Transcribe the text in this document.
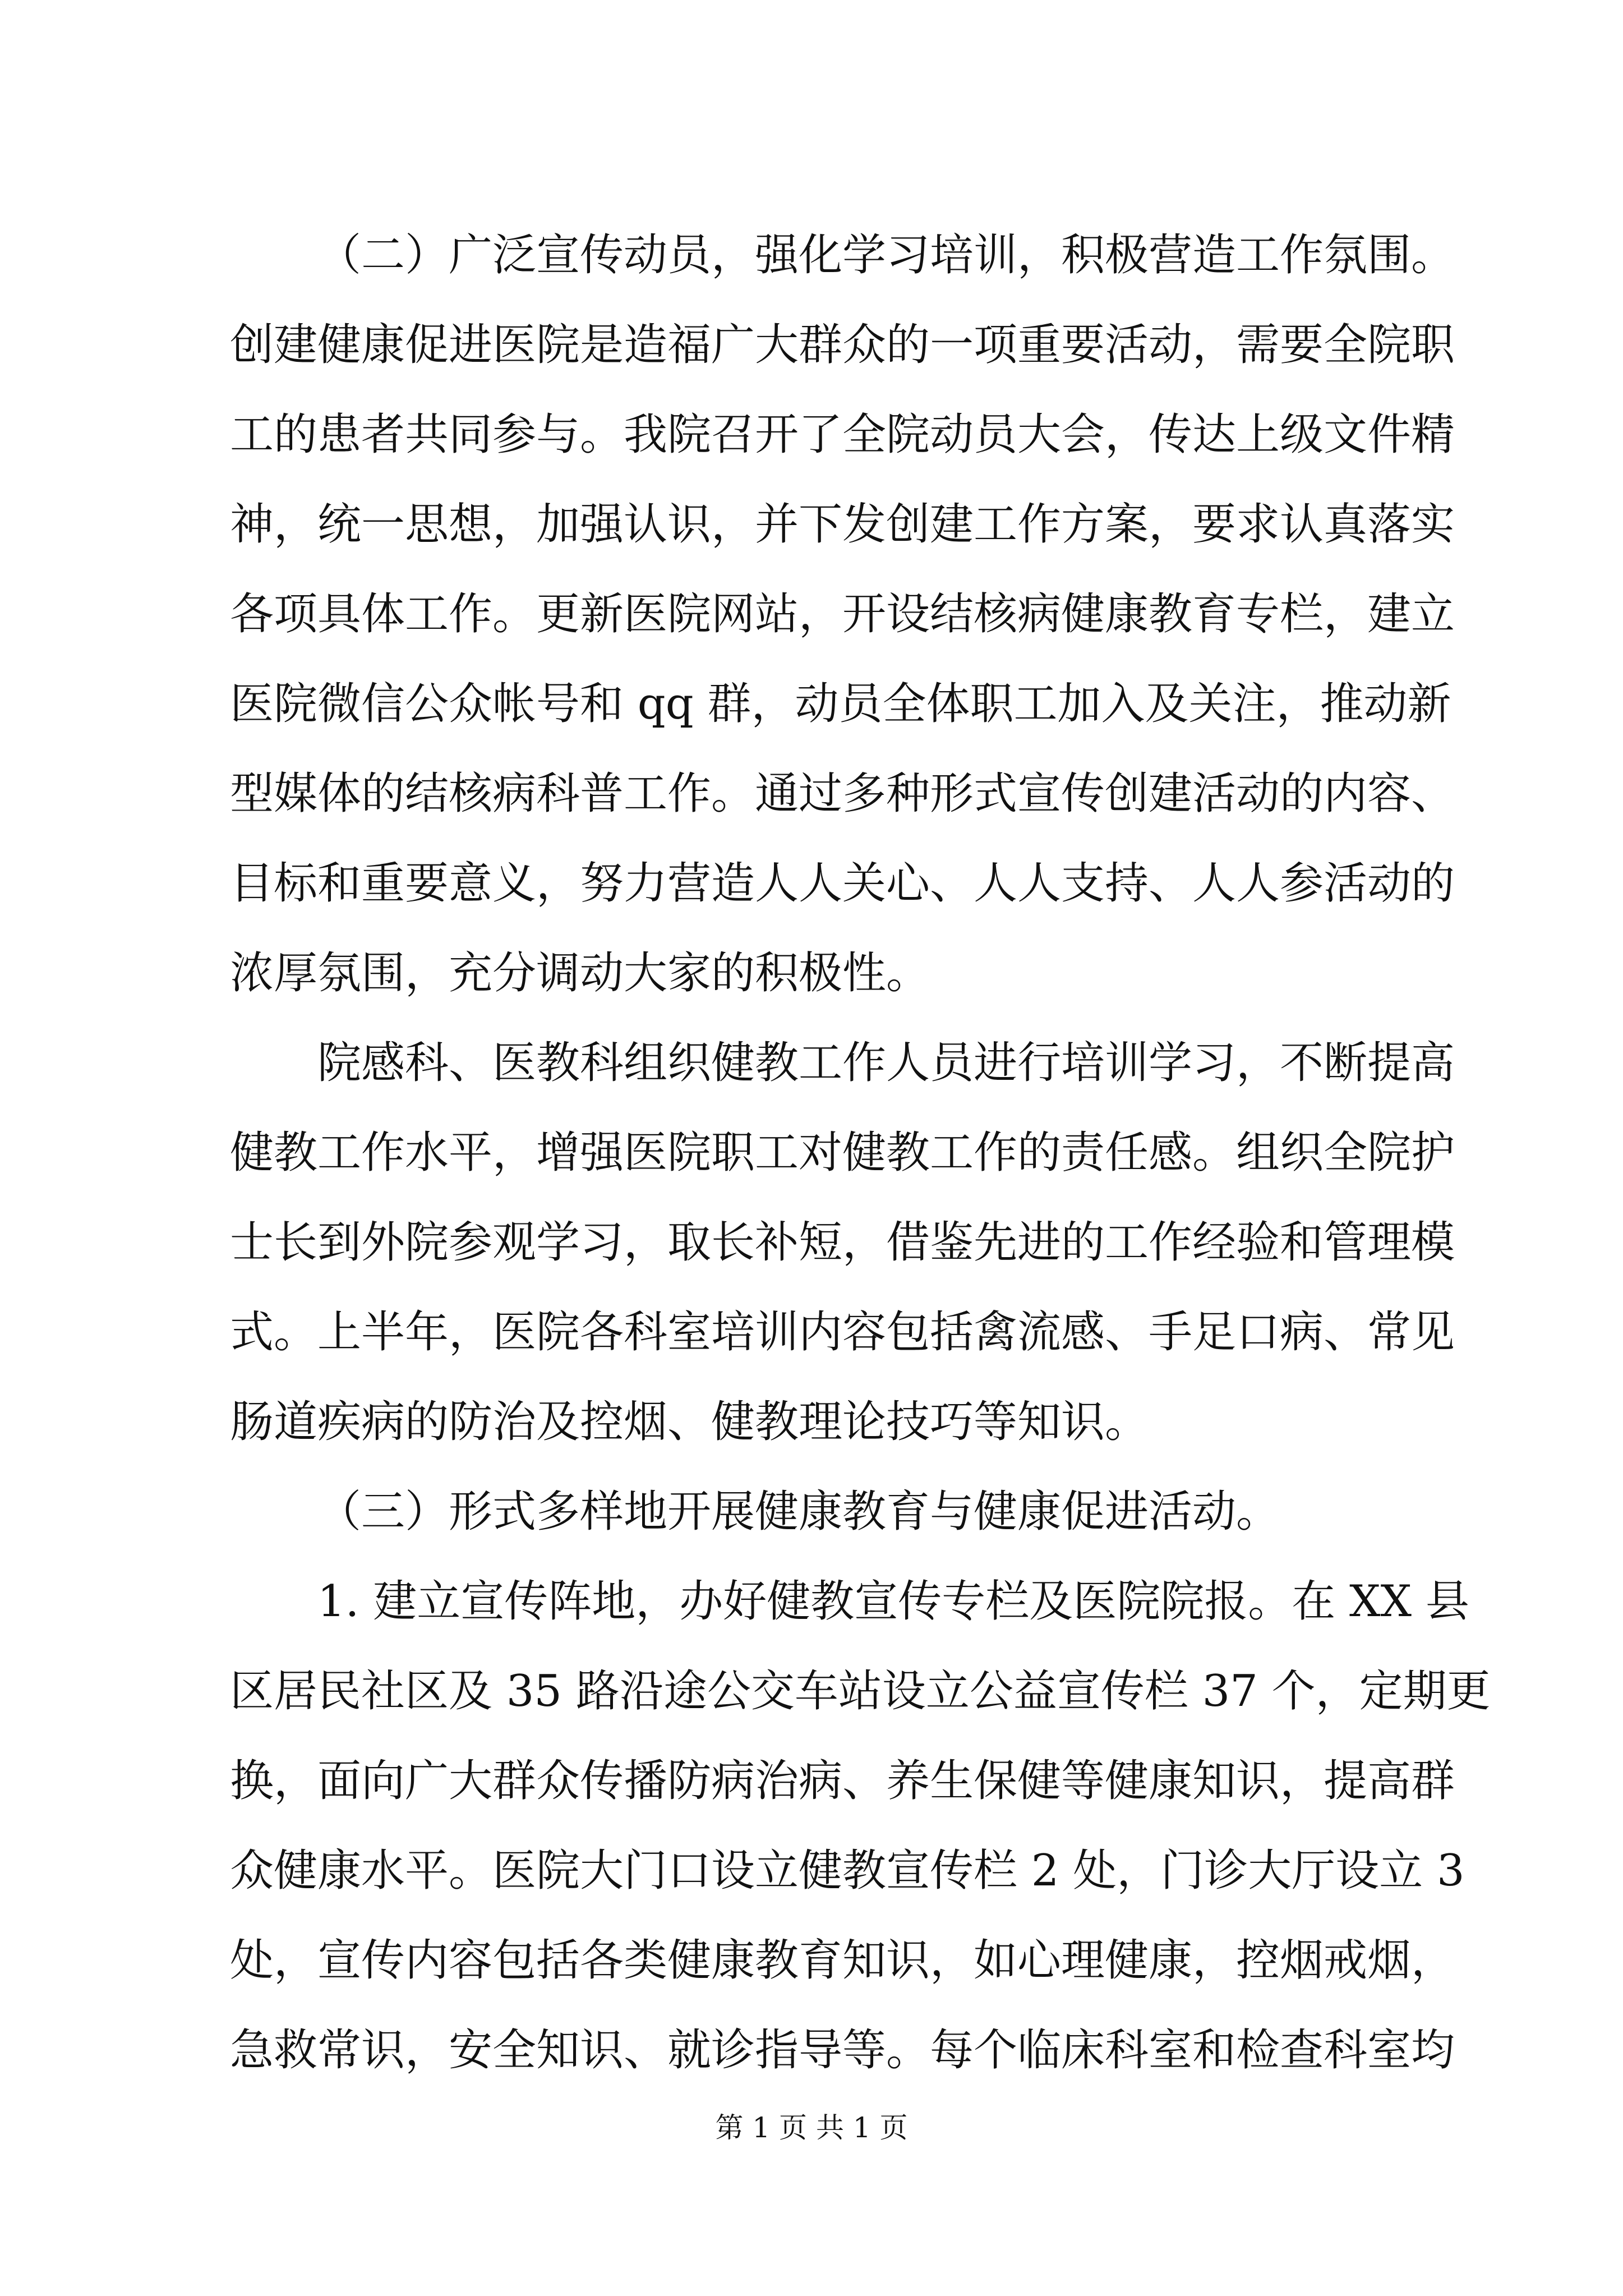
（二）广泛宣传动员，强化学习培训，积极营造工作氛围。
创建健康促进医院是造福广大群众的一项重要活动，需要全院职
工的患者共同参与。我院召开了全院动员大会，传达上级文件精
神，统一思想，加强认识，并下发创建工作方案，要求认真落实
各项具体工作。更新医院网站，开设结核病健康教育专栏，建立
医院微信公众帐号和 qq 群，动员全体职工加入及关注，推动新
型媒体的结核病科普工作。通过多种形式宣传创建活动的内容、
目标和重要意义，努力营造人人关心、人人支持、人人参活动的
浓厚氛围，充分调动大家的积极性。
院感科、医教科组织健教工作人员进行培训学习，不断提高
健教工作水平，增强医院职工对健教工作的责任感。组织全院护
士长到外院参观学习，取长补短，借鉴先进的工作经验和管理模
式。上半年，医院各科室培训内容包括禽流感、手足口病、常见
肠道疾病的防治及控烟、健教理论技巧等知识。
（三）形式多样地开展健康教育与健康促进活动。
1. 建立宣传阵地，办好健教宣传专栏及医院院报。在 XX 县
区居民社区及 35 路沿途公交车站设立公益宣传栏 37 个，定期更
换，面向广大群众传播防病治病、养生保健等健康知识，提高群
众健康水平。医院大门口设立健教宣传栏 2 处，门诊大厅设立 3
处，宣传内容包括各类健康教育知识，如心理健康，控烟戒烟，
急救常识，安全知识、就诊指导等。每个临床科室和检查科室均
第 1 页 共 1 页
